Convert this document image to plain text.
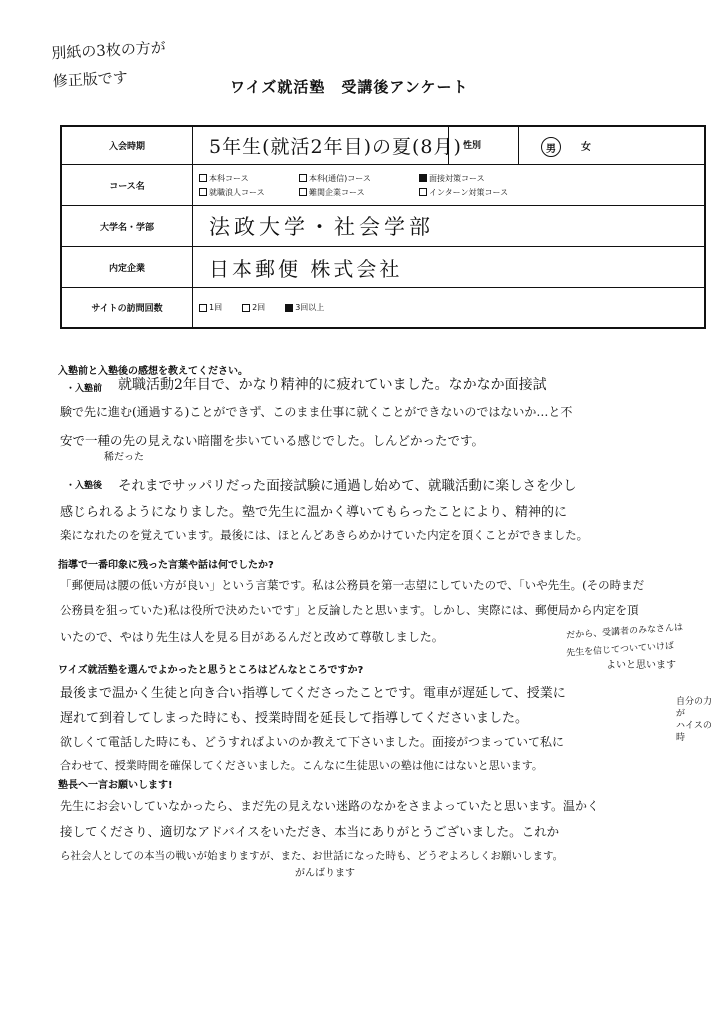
別紙の3枚の方が
修正版です	ワイズ就活塾　受講後アンケート
入会時期	5年生(就活2年目)の夏(8月) 性別	男	女
コース名
本科コース	本科(通信)コース	面接対策コース
就職浪人コース	難関企業コース	インターン対策コース
大学名・学部	法政大学・社会学部
内定企業	日本郵便 株式会社
サイトの訪問回数	1回	2回	3回以上
入塾前と入塾後の感想を教えてください。
・入塾前 就職活動2年目で、かなり精神的に疲れていました。なかなか面接試
験で先に進む(通過する)ことができず、このまま仕事に就くことができないのではないか…と不
安で一種の先の見えない暗闇を歩いている感じでした。しんどかったです。
稀だった
・入塾後 それまでサッパリだった面接試験に通過し始めて、就職活動に楽しさを少し
感じられるようになりました。塾で先生に温かく導いてもらったことにより、精神的に
楽になれたのを覚えています。最後には、ほとんどあきらめかけていた内定を頂くことができました。
指導で一番印象に残った言葉や話は何でしたか?
「郵便局は腰の低い方が良い」という言葉です。私は公務員を第一志望にしていたので、「いや先生。(その時まだ
公務員を狙っていた)私は役所で決めたいです」と反論したと思います。しかし、実際には、郵便局から内定を頂
いたので、やはり先生は人を見る目があるんだと改めて尊敬しました。	だから、受講者のみなさんは
先生を信じてついていけば
よいと思います
ワイズ就活塾を選んでよかったと思うところはどんなところですか?
最後まで温かく生徒と向き合い指導してくださったことです。電車が遅延して、授業に
遅れて到着してしまった時にも、授業時間を延長して指導してくださいました。
欲しくて電話した時にも、どうすればよいのか教えて下さいました。面接がつまっていて私に
合わせて、授業時間を確保してくださいました。こんなに生徒思いの塾は他にはないと思います。
自分の力が
ハイスの時
塾長へ一言お願いします!
先生にお会いしていなかったら、まだ先の見えない迷路のなかをさまよっていたと思います。温かく
接してくださり、適切なアドバイスをいただき、本当にありがとうございました。これか
ら社会人としての本当の戦いが始まりますが、また、お世話になった時も、どうぞよろしくお願いします。
がんばります
